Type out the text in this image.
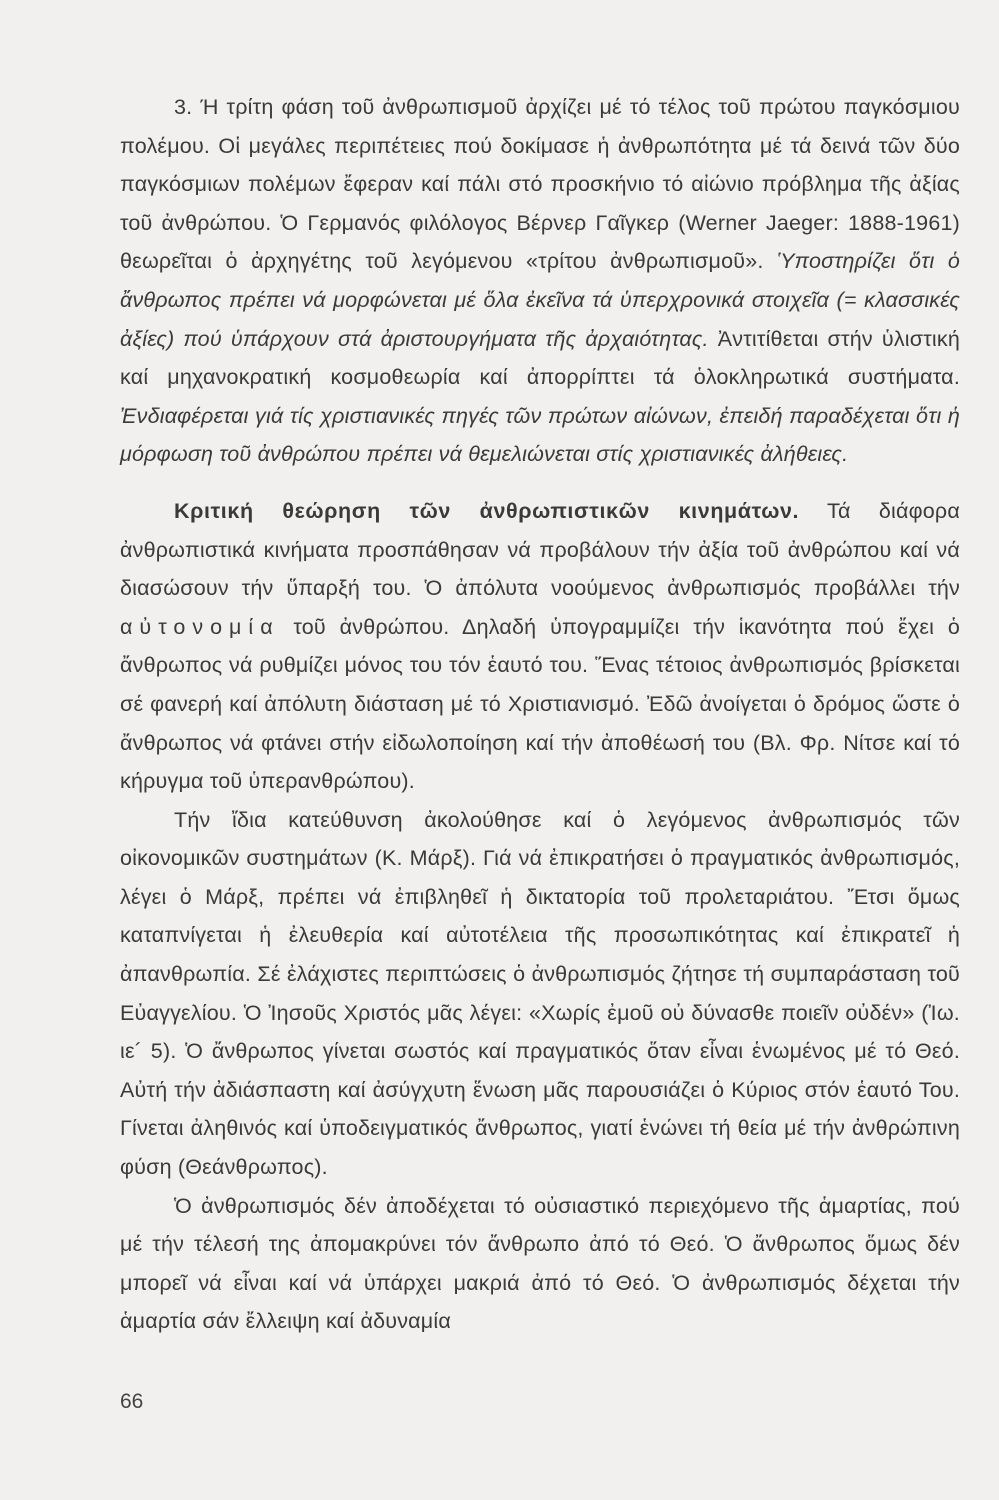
3. Ή τρίτη φάση τοῦ ἀνθρωπισμοῦ ἀρχίζει μέ τό τέλος τοῦ πρώτου παγκόσμιου πολέμου. Οἱ μεγάλες περιπέτειες πού δοκίμασε ἡ ἀνθρωπότητα μέ τά δεινά τῶν δύο παγκόσμιων πολέμων ἔφεραν καί πάλι στό προσκήνιο τό αἰώνιο πρόβλημα τῆς ἀξίας τοῦ ἀνθρώπου. Ὁ Γερμανός φιλόλογος Βέρνερ Γαῖγκερ (Werner Jaeger: 1888-1961) θεωρεῖται ὁ ἀρχηγέτης τοῦ λεγόμενου «τρίτου ἀνθρωπισμοῦ». Ὑποστηρίζει ὅτι ὁ ἄνθρωπος πρέπει νά μορφώνεται μέ ὅλα ἐκεῖνα τά ὑπερχρονικά στοιχεῖα (= κλασσικές ἀξίες) πού ὑπάρχουν στά ἀριστουργήματα τῆς ἀρχαιότητας. Ἀντιτίθεται στήν ὑλιστική καί μηχανοκρατική κοσμοθεωρία καί ἀπορρίπτει τά ὁλοκληρωτικά συστήματα. Ἐνδιαφέρεται γιά τίς χριστιανικές πηγές τῶν πρώτων αἰώνων, ἐπειδή παραδέχεται ὅτι ἡ μόρφωση τοῦ ἀνθρώπου πρέπει νά θεμελιώνεται στίς χριστιανικές ἀλήθειες.

Κριτική θεώρηση τῶν ἀνθρωπιστικῶν κινημάτων. Τά διάφορα ἀνθρωπιστικά κινήματα προσπάθησαν νά προβάλουν τήν ἀξία τοῦ ἀνθρώπου καί νά διασώσουν τήν ὕπαρξή του. Ὁ ἀπόλυτα νοούμενος ἀνθρωπισμός προβάλλει τήν αὐτονομία τοῦ ἀνθρώπου. Δηλαδή ὑπογραμμίζει τήν ἱκανότητα πού ἔχει ὁ ἄνθρωπος νά ρυθμίζει μόνος του τόν ἑαυτό του. Ἕνας τέτοιος ἀνθρωπισμός βρίσκεται σέ φανερή καί ἀπόλυτη διάσταση μέ τό Χριστιανισμό. Ἐδῶ ἀνοίγεται ὁ δρόμος ὥστε ὁ ἄνθρωπος νά φτάνει στήν εἰδωλοποίηση καί τήν ἀποθέωσή του (Βλ. Φρ. Νίτσε καί τό κήρυγμα τοῦ ὑπερανθρώπου).

Τήν ἴδια κατεύθυνση ἀκολούθησε καί ὁ λεγόμενος ἀνθρωπισμός τῶν οἰκονομικῶν συστημάτων (Κ. Μάρξ). Γιά νά ἐπικρατήσει ὁ πραγματικός ἀνθρωπισμός, λέγει ὁ Μάρξ, πρέπει νά ἐπιβληθεῖ ἡ δικτατορία τοῦ προλεταριάτου. Ἔτσι ὅμως καταπνίγεται ἡ ἐλευθερία καί αὐτοτέλεια τῆς προσωπικότητας καί ἐπικρατεῖ ἡ ἀπανθρωπία. Σέ ἐλάχιστες περιπτώσεις ὁ ἀνθρωπισμός ζήτησε τή συμπαράσταση τοῦ Εὐαγγελίου. Ὁ Ἰησοῦς Χριστός μᾶς λέγει: «Χωρίς ἐμοῦ οὐ δύνασθε ποιεῖν οὐδέν» (Ἰω. ιε´ 5). Ὁ ἄνθρωπος γίνεται σωστός καί πραγματικός ὅταν εἶναι ἑνωμένος μέ τό Θεό. Αὐτή τήν ἀδιάσπαστη καί ἀσύγχυτη ἕνωση μᾶς παρουσιάζει ὁ Κύριος στόν ἑαυτό Του. Γίνεται ἀληθινός καί ὑποδειγματικός ἄνθρωπος, γιατί ἑνώνει τή θεία μέ τήν ἀνθρώπινη φύση (Θεάνθρωπος).

Ὁ ἀνθρωπισμός δέν ἀποδέχεται τό οὐσιαστικό περιεχόμενο τῆς ἁμαρτίας, πού μέ τήν τέλεσή της ἀπομακρύνει τόν ἄνθρωπο ἀπό τό Θεό. Ὁ ἄνθρωπος ὅμως δέν μπορεῖ νά εἶναι καί νά ὑπάρχει μακριά ἀπό τό Θεό. Ὁ ἀνθρωπισμός δέχεται τήν ἁμαρτία σάν ἔλλειψη καί ἀδυναμία

66
